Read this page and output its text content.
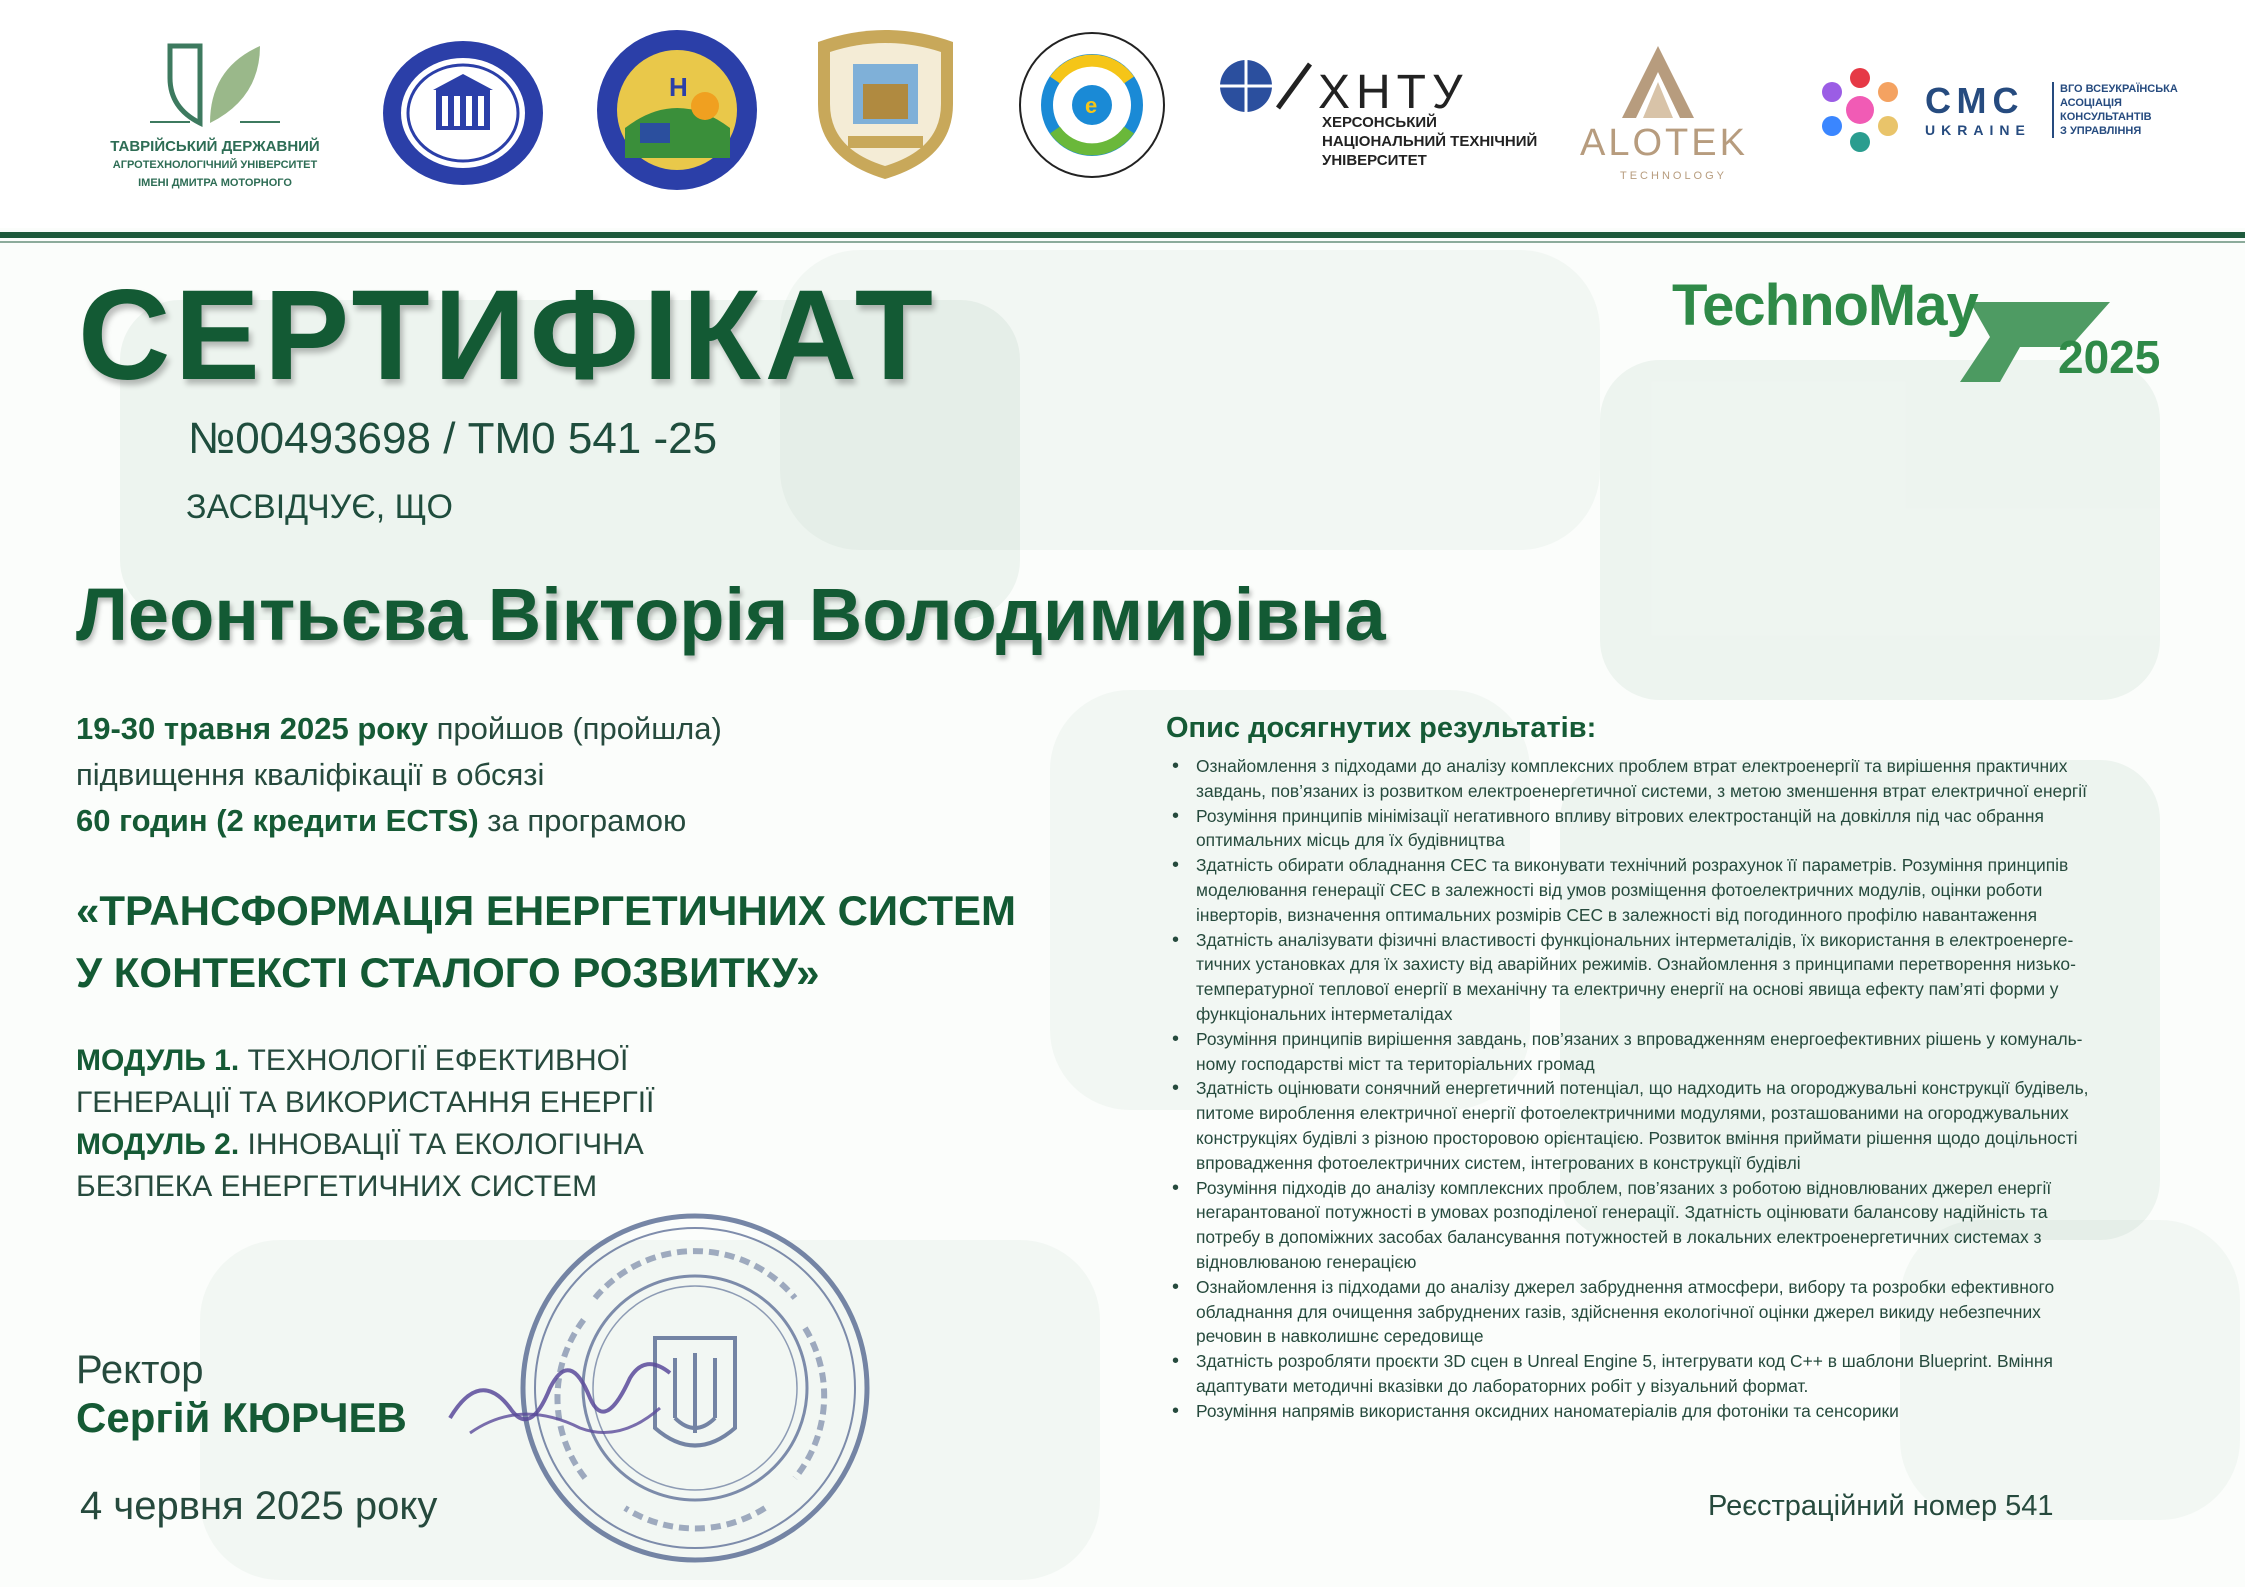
ТАВРІЙСЬКИЙ ДЕРЖАВНИЙ
АГРОТЕХНОЛОГІЧНИЙ УНІВЕРСИТЕТ
ІМЕНІ ДМИТРА МОТОРНОГО
H
e	ХНТУ
ХЕРСОНСЬКИЙ
НАЦІОНАЛЬНИЙ ТЕХНІЧНИЙ
УНІВЕРСИТЕТ	ALOTEK
TECHNOLOGY
СМС
UKRAINE
ВГО ВСЕУКРАЇНСЬКА
АСОЦІАЦІЯ
КОНСУЛЬТАНТІВ
З УПРАВЛІННЯ
СЕРТИФІКАТ
№00493698 / ТМ0 541 -25
ЗАСВІДЧУЄ, ЩО
Леонтьєва Вікторія Володимирівна
TechnoMay
2025
19-30 травня 2025 року пройшов (пройшла)
підвищення кваліфікації в обсязі
60 годин (2 кредити ECTS) за програмою
«ТРАНСФОРМАЦІЯ ЕНЕРГЕТИЧНИХ СИСТЕМ
У КОНТЕКСТІ СТАЛОГО РОЗВИТКУ»
МОДУЛЬ 1. ТЕХНОЛОГІЇ ЕФЕКТИВНОЇ
ГЕНЕРАЦІЇ ТА ВИКОРИСТАННЯ ЕНЕРГІЇ
МОДУЛЬ 2. ІННОВАЦІЇ ТА ЕКОЛОГІЧНА
БЕЗПЕКА ЕНЕРГЕТИЧНИХ СИСТЕМ
Ректор
Сергій КЮРЧЕВ
4 червня 2025 року
Опис досягнутих результатів:
• Ознайомлення з підходами до аналізу комплексних проблем втрат електроенергії та вирішення практичних
завдань, пов’язаних із розвитком електроенергетичної системи, з метою зменшення втрат електричної енергії
• Розуміння принципів мінімізації негативного впливу вітрових електростанцій на довкілля під час обрання
оптимальних місць для їх будівництва
• Здатність обирати обладнання СЕС та виконувати технічний розрахунок її параметрів. Розуміння принципів
моделювання генерації СЕС в залежності від умов розміщення фотоелектричних модулів, оцінки роботи
інверторів, визначення оптимальних розмірів СЕС в залежності від погодинного профілю навантаження
• Здатність аналізувати фізичні властивості функціональних інтерметалідів, їх використання в електроенерге-
тичних установках для їх захисту від аварійних режимів. Ознайомлення з принципами перетворення низько-
температурної теплової енергії в механічну та електричну енергії на основі явища ефекту пам’яті форми у
функціональних інтерметалідах
• Розуміння принципів вирішення завдань, пов’язаних з впровадженням енергоефективних рішень у комуналь-
ному господарстві міст та територіальних громад
• Здатність оцінювати сонячний енергетичний потенціал, що надходить на огороджувальні конструкції будівель,
питоме вироблення електричної енергії фотоелектричними модулями, розташованими на огороджувальних
конструкціях будівлі з різною просторовою орієнтацією. Розвиток вміння приймати рішення щодо доцільності
впровадження фотоелектричних систем, інтегрованих в конструкції будівлі
• Розуміння підходів до аналізу комплексних проблем, пов’язаних з роботою відновлюваних джерел енергії
негарантованої потужності в умовах розподіленої генерації. Здатність оцінювати балансову надійність та
потребу в допоміжних засобах балансування потужностей в локальних електроенергетичних системах з
відновлюваною генерацією
• Ознайомлення із підходами до аналізу джерел забруднення атмосфери, вибору та розробки ефективного
обладнання для очищення забруднених газів, здійснення екологічної оцінки джерел викиду небезпечних
речовин в навколишнє середовище
• Здатність розробляти проєкти 3D сцен в Unreal Engine 5, інтегрувати код C++ в шаблони Blueprint. Вміння
адаптувати методичні вказівки до лабораторних робіт у візуальний формат.
• Розуміння напрямів використання оксидних наноматеріалів для фотоніки та сенсорики
Реєстраційний номер 541
